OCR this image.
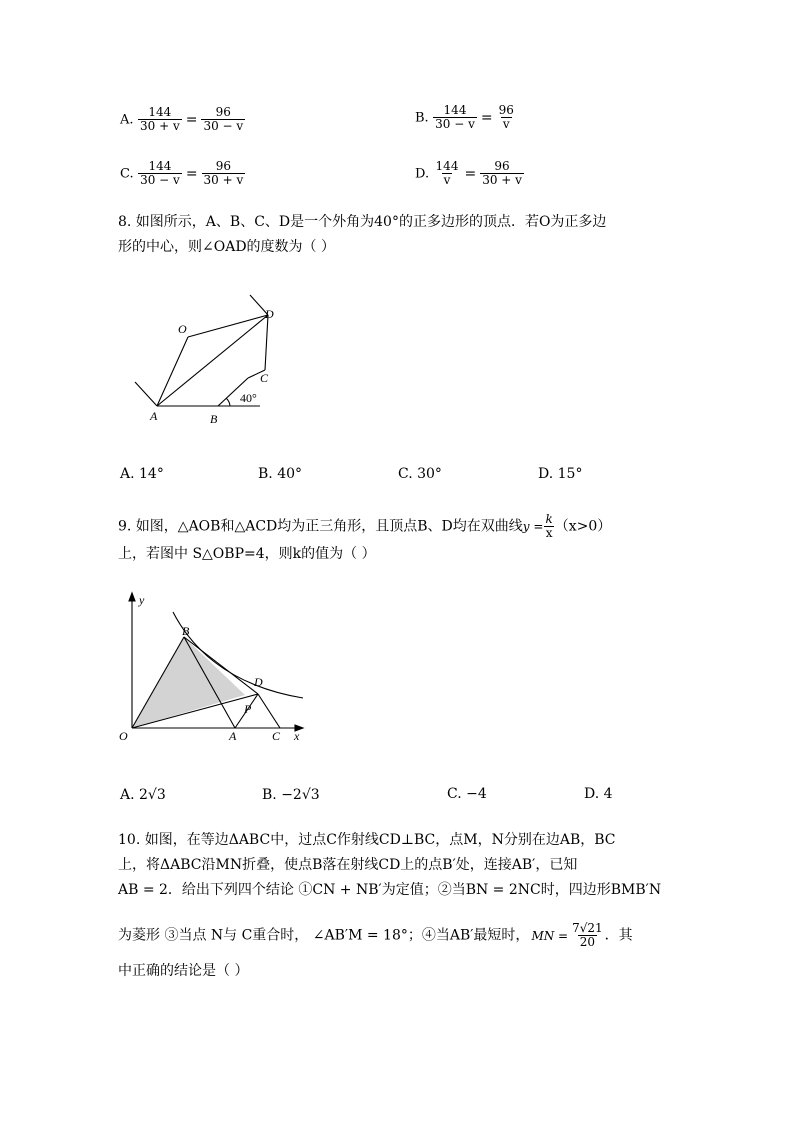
A. $\frac{144}{30 + v} = \frac{96}{30 - v}$	B. $\frac{144}{30 - v} = \frac{96}{v}$
C. $\frac{144}{30 - v} = \frac{96}{30 + v}$	D. $\frac{144}{v} = \frac{96}{30 + v}$
8. 如图所示，A、B、C、D是一个外角为40°的正多边形的顶点．若O为正多边
形的中心，则∠OAD的度数为（ ）
O
D
C
A	B
40°
A. 14°	B. 40°	C. 30°	D. 15°
9. 如图，△AOB和△ACD均为正三角形，且顶点B、D均在双曲线$y = \frac{k}{x} (x>0)$
上，若图中 S△OBP=4，则k的值为（ ）
y
B
D
P
O	A	C x
A. 2√3	B. −2√3	C. −4	D. 4
10. 如图，在等边ΔABC中，过点C作射线CD⊥BC，点M，N分别在边AB，BC
上，将ΔABC沿MN折叠，使点B落在射线CD上的点B′处，连接AB′，已知
AB = 2．给出下列四个结论 ①CN + NB′为定值；②当BN = 2NC时，四边形BMB′N
为菱形 ③当点 N与 C重合时， ∠AB′M = 18°；④当AB′最短时， MN = $\frac{7√21}{20}$ ．其
中正确的结论是（ ）
